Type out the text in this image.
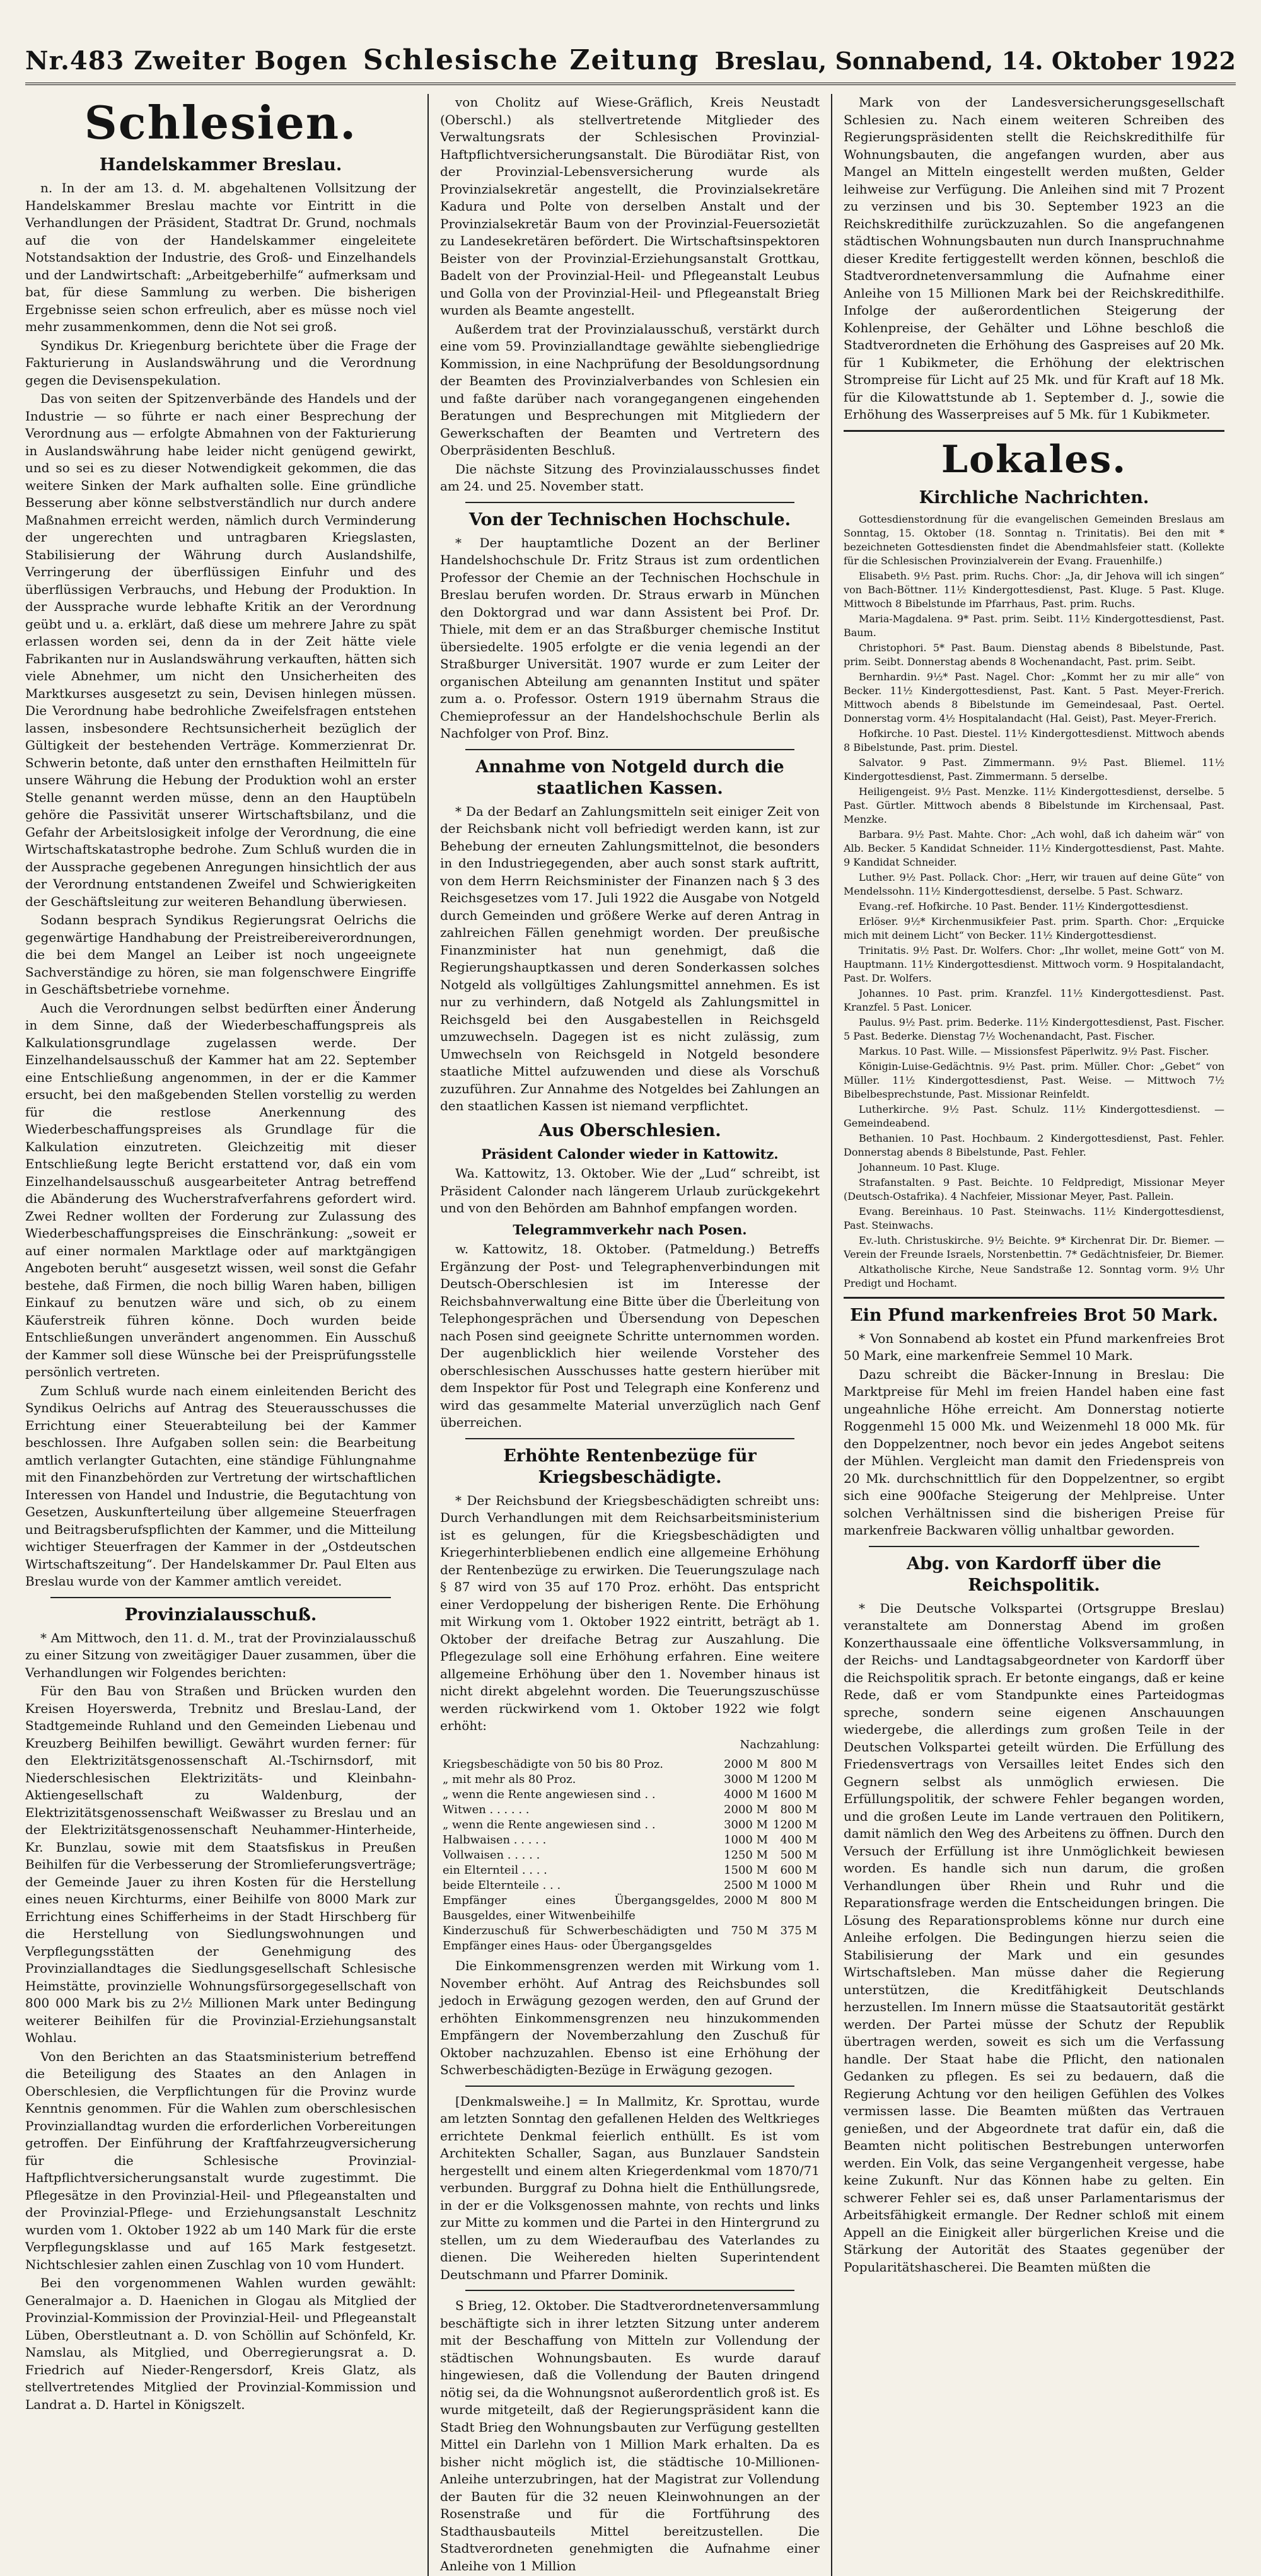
Nr.483 Zweiter Bogen Schlesische Zeitung Breslau, Sonnabend, 14. Oktober 1922
Schlesien.
Handelskammer Breslau.

n. In der am 13. d. M. abgehaltenen Vollsitzung der Handelskammer Breslau machte vor Eintritt in die Verhandlungen der Präsident, Stadtrat Dr. Grund, nochmals auf die von der Handelskammer eingeleitete Notstandsaktion der Industrie, des Groß- und Einzelhandels und der Landwirtschaft: „Arbeitgeberhilfe“ aufmerksam und bat, für diese Sammlung zu werben. Die bisherigen Ergebnisse seien schon erfreulich, aber es müsse noch viel mehr zusammenkommen, denn die Not sei groß.

Syndikus Dr. Kriegenburg berichtete über die Frage der Fakturierung in Auslandswährung und die Verordnung gegen die Devisenspekulation.

Das von seiten der Spitzenverbände des Handels und der Industrie — so führte er nach einer Besprechung der Verordnung aus — erfolgte Abmahnen von der Fakturierung in Auslandswährung habe leider nicht genügend gewirkt, und so sei es zu dieser Notwendigkeit gekommen, die das weitere Sinken der Mark aufhalten solle. Eine gründliche Besserung aber könne selbstverständlich nur durch andere Maßnahmen erreicht werden, nämlich durch Verminderung der ungerechten und untragbaren Kriegslasten, Stabilisierung der Währung durch Auslandshilfe, Verringerung der überflüssigen Einfuhr und des überflüssigen Verbrauchs, und Hebung der Produktion. In der Aussprache wurde lebhafte Kritik an der Verordnung geübt und u. a. erklärt, daß diese um mehrere Jahre zu spät erlassen worden sei, denn da in der Zeit hätte viele Fabrikanten nur in Auslandswährung verkauften, hätten sich viele Abnehmer, um nicht den Unsicherheiten des Marktkurses ausgesetzt zu sein, Devisen hinlegen müssen. Die Verordnung habe bedrohliche Zweifelsfragen entstehen lassen, insbesondere Rechtsunsicherheit bezüglich der Gültigkeit der bestehenden Verträge. Kommerzienrat Dr. Schwerin betonte, daß unter den ernsthaften Heilmitteln für unsere Währung die Hebung der Produktion wohl an erster Stelle genannt werden müsse, denn an den Hauptübeln gehöre die Passivität unserer Wirtschaftsbilanz, und die Gefahr der Arbeitslosigkeit infolge der Verordnung, die eine Wirtschaftskatastrophe bedrohe. Zum Schluß wurden die in der Aussprache gegebenen Anregungen hinsichtlich der aus der Verordnung entstandenen Zweifel und Schwierigkeiten der Geschäftsleitung zur weiteren Behandlung überwiesen.

Sodann besprach Syndikus Regierungsrat Oelrichs die gegenwärtige Handhabung der Preistreibereiverordnungen, die bei dem Mangel an Leiber ist noch ungeeignete Sachverständige zu hören, sie man folgenschwere Eingriffe in Geschäftsbetriebe vornehme.

Auch die Verordnungen selbst bedürften einer Änderung in dem Sinne, daß der Wiederbeschaffungspreis als Kalkulationsgrundlage zugelassen werde. Der Einzelhandelsausschuß der Kammer hat am 22. September eine Entschließung angenommen, in der er die Kammer ersucht, bei den maßgebenden Stellen vorstellig zu werden für die restlose Anerkennung des Wiederbeschaffungspreises als Grundlage für die Kalkulation einzutreten. Gleichzeitig mit dieser Entschließung legte Bericht erstattend vor, daß ein vom Einzelhandelsausschuß ausgearbeiteter Antrag betreffend die Abänderung des Wucherstrafverfahrens gefordert wird. Zwei Redner wollten der Forderung zur Zulassung des Wiederbeschaffungspreises die Einschränkung: „soweit er auf einer normalen Marktlage oder auf marktgängigen Angeboten beruht“ ausgesetzt wissen, weil sonst die Gefahr bestehe, daß Firmen, die noch billig Waren haben, billigen Einkauf zu benutzen wäre und sich, ob zu einem Käuferstreik führen könne. Doch wurden beide Entschließungen unverändert angenommen. Ein Ausschuß der Kammer soll diese Wünsche bei der Preisprüfungsstelle persönlich vertreten.

Zum Schluß wurde nach einem einleitenden Bericht des Syndikus Oelrichs auf Antrag des Steuerausschusses die Errichtung einer Steuerabteilung bei der Kammer beschlossen. Ihre Aufgaben sollen sein: die Bearbeitung amtlich verlangter Gutachten, eine ständige Fühlungnahme mit den Finanzbehörden zur Vertretung der wirtschaftlichen Interessen von Handel und Industrie, die Begutachtung von Gesetzen, Auskunfterteilung über allgemeine Steuerfragen und Beitragsberufspflichten der Kammer, und die Mitteilung wichtiger Steuerfragen der Kammer in der „Ostdeutschen Wirtschaftszeitung“. Der Handelskammer Dr. Paul Elten aus Breslau wurde von der Kammer amtlich vereidet.

Provinzialausschuß.

* Am Mittwoch, den 11. d. M., trat der Provinzialausschuß zu einer Sitzung von zweitägiger Dauer zusammen, über die Verhandlungen wir Folgendes berichten:

Für den Bau von Straßen und Brücken wurden den Kreisen Hoyerswerda, Trebnitz und Breslau-Land, der Stadtgemeinde Ruhland und den Gemeinden Liebenau und Kreuzberg Beihilfen bewilligt. Gewährt wurden ferner: für den Elektrizitätsgenossenschaft Al.-Tschirnsdorf, mit Niederschlesischen Elektrizitäts- und Kleinbahn-Aktiengesellschaft zu Waldenburg, der Elektrizitätsgenossenschaft Weißwasser zu Breslau und an der Elektrizitätsgenossenschaft Neuhammer-Hinterheide, Kr. Bunzlau, sowie mit dem Staatsfiskus in Preußen Beihilfen für die Verbesserung der Stromlieferungsverträge; der Gemeinde Jauer zu ihren Kosten für die Herstellung eines neuen Kirchturms, einer Beihilfe von 8000 Mark zur Errichtung eines Schifferheims in der Stadt Hirschberg für die Herstellung von Siedlungswohnungen und Verpflegungsstätten der Genehmigung des Provinziallandtages die Siedlungsgesellschaft Schlesische Heimstätte, provinzielle Wohnungsfürsorgegesellschaft von 800 000 Mark bis zu 2½ Millionen Mark unter Bedingung weiterer Beihilfen für die Provinzial-Erziehungsanstalt Wohlau.

Von den Berichten an das Staatsministerium betreffend die Beteiligung des Staates an den Anlagen in Oberschlesien, die Verpflichtungen für die Provinz wurde Kenntnis genommen. Für die Wahlen zum oberschlesischen Provinziallandtag wurden die erforderlichen Vorbereitungen getroffen. Der Einführung der Kraftfahrzeugversicherung für die Schlesische Provinzial-Haftpflichtversicherungsanstalt wurde zugestimmt. Die Pflegesätze in den Provinzial-Heil- und Pflegeanstalten und der Provinzial-Pflege- und Erziehungsanstalt Leschnitz wurden vom 1. Oktober 1922 ab um 140 Mark für die erste Verpflegungsklasse und auf 165 Mark festgesetzt. Nichtschlesier zahlen einen Zuschlag von 10 vom Hundert.

Bei den vorgenommenen Wahlen wurden gewählt: Generalmajor a. D. Haenichen in Glogau als Mitglied der Provinzial-Kommission der Provinzial-Heil- und Pflegeanstalt Lüben, Oberstleutnant a. D. von Schöllin auf Schönfeld, Kr. Namslau, als Mitglied, und Oberregierungsrat a. D. Friedrich auf Nieder-Rengersdorf, Kreis Glatz, als stellvertretendes Mitglied der Provinzial-Kommission und Landrat a. D. Hartel in Königszelt.

von Cholitz auf Wiese-Gräflich, Kreis Neustadt (Oberschl.) als stellvertretende Mitglieder des Verwaltungsrats der Schlesischen Provinzial-Haftpflichtversicherungsanstalt. Die Bürodiätar Rist, von der Provinzial-Lebensversicherung wurde als Provinzialsekretär angestellt, die Provinzialsekretäre Kadura und Polte von derselben Anstalt und der Provinzialsekretär Baum von der Provinzial-Feuersozietät zu Landesekretären befördert. Die Wirtschaftsinspektoren Beister von der Provinzial-Erziehungsanstalt Grottkau, Badelt von der Provinzial-Heil- und Pflegeanstalt Leubus und Golla von der Provinzial-Heil- und Pflegeanstalt Brieg wurden als Beamte angestellt.

Außerdem trat der Provinzialausschuß, verstärkt durch eine vom 59. Provinziallandtage gewählte siebengliedrige Kommission, in eine Nachprüfung der Besoldungsordnung der Beamten des Provinzialverbandes von Schlesien ein und faßte darüber nach vorangegangenen eingehenden Beratungen und Besprechungen mit Mitgliedern der Gewerkschaften der Beamten und Vertretern des Oberpräsidenten Beschluß.

Die nächste Sitzung des Provinzialausschusses findet am 24. und 25. November statt.

Von der Technischen Hochschule.

* Der hauptamtliche Dozent an der Berliner Handelshochschule Dr. Fritz Straus ist zum ordentlichen Professor der Chemie an der Technischen Hochschule in Breslau berufen worden. Dr. Straus erwarb in München den Doktorgrad und war dann Assistent bei Prof. Dr. Thiele, mit dem er an das Straßburger chemische Institut übersiedelte. 1905 erfolgte er die venia legendi an der Straßburger Universität. 1907 wurde er zum Leiter der organischen Abteilung am genannten Institut und später zum a. o. Professor. Ostern 1919 übernahm Straus die Chemieprofessur an der Handelshochschule Berlin als Nachfolger von Prof. Binz.

Annahme von Notgeld durch die staatlichen Kassen.

* Da der Bedarf an Zahlungsmitteln seit einiger Zeit von der Reichsbank nicht voll befriedigt werden kann, ist zur Behebung der erneuten Zahlungsmittelnot, die besonders in den Industriegegenden, aber auch sonst stark auftritt, von dem Herrn Reichsminister der Finanzen nach § 3 des Reichsgesetzes vom 17. Juli 1922 die Ausgabe von Notgeld durch Gemeinden und größere Werke auf deren Antrag in zahlreichen Fällen genehmigt worden. Der preußische Finanzminister hat nun genehmigt, daß die Regierungshauptkassen und deren Sonderkassen solches Notgeld als vollgültiges Zahlungsmittel annehmen. Es ist nur zu verhindern, daß Notgeld als Zahlungsmittel in Reichsgeld bei den Ausgabestellen in Reichsgeld umzuwechseln. Dagegen ist es nicht zulässig, zum Umwechseln von Reichsgeld in Notgeld besondere staatliche Mittel aufzuwenden und diese als Vorschuß zuzuführen. Zur Annahme des Notgeldes bei Zahlungen an den staatlichen Kassen ist niemand verpflichtet.

Aus Oberschlesien.
Präsident Calonder wieder in Kattowitz.

Wa. Kattowitz, 13. Oktober. Wie der „Lud“ schreibt, ist Präsident Calonder nach längerem Urlaub zurückgekehrt und von den Behörden am Bahnhof empfangen worden.

Telegrammverkehr nach Posen.

w. Kattowitz, 18. Oktober. (Patmeldung.) Betreffs Ergänzung der Post- und Telegraphenverbindungen mit Deutsch-Oberschlesien ist im Interesse der Reichsbahnverwaltung eine Bitte über die Überleitung von Telephongesprächen und Übersendung von Depeschen nach Posen sind geeignete Schritte unternommen worden. Der augenblicklich hier weilende Vorsteher des oberschlesischen Ausschusses hatte gestern hierüber mit dem Inspektor für Post und Telegraph eine Konferenz und wird das gesammelte Material unverzüglich nach Genf überreichen.

Erhöhte Rentenbezüge für Kriegsbeschädigte.

* Der Reichsbund der Kriegsbeschädigten schreibt uns: Durch Verhandlungen mit dem Reichsarbeitsministerium ist es gelungen, für die Kriegsbeschädigten und Kriegerhinterbliebenen endlich eine allgemeine Erhöhung der Rentenbezüge zu erwirken. Die Teuerungszulage nach § 87 wird von 35 auf 170 Proz. erhöht. Das entspricht einer Verdoppelung der bisherigen Rente. Die Erhöhung mit Wirkung vom 1. Oktober 1922 eintritt, beträgt ab 1. Oktober der dreifache Betrag zur Auszahlung. Die Pflegezulage soll eine Erhöhung erfahren. Eine weitere allgemeine Erhöhung über den 1. November hinaus ist nicht direkt abgelehnt worden. Die Teuerungszuschüsse werden rückwirkend vom 1. Oktober 1922 wie folgt erhöht:

Nachzahlung:
Kriegsbeschädigte von 50 bis 80 Proz.	2000 M	800 M
„ mit mehr als 80 Proz.	3000 M	1200 M
„ wenn die Rente angewiesen sind . .	4000 M	1600 M
Witwen . . . . . .	2000 M	800 M
„ wenn die Rente angewiesen sind . .	3000 M	1200 M
Halbwaisen . . . . .	1000 M	400 M
Vollwaisen . . . . .	1250 M	500 M
ein Elternteil . . . .	1500 M	600 M
beide Elternteile . . .	2500 M	1000 M
Empfänger eines Übergangsgeldes, Bausgeldes, einer Witwenbeihilfe	2000 M	800 M
Kinderzuschuß für Schwerbeschädigten und Empfänger eines Haus- oder Übergangsgeldes	750 M	375 M

Die Einkommensgrenzen werden mit Wirkung vom 1. November erhöht. Auf Antrag des Reichsbundes soll jedoch in Erwägung gezogen werden, den auf Grund der erhöhten Einkommensgrenzen neu hinzukommenden Empfängern der Novemberzahlung den Zuschuß für Oktober nachzuzahlen. Ebenso ist eine Erhöhung der Schwerbeschädigten-Bezüge in Erwägung gezogen.

[Denkmalsweihe.] = In Mallmitz, Kr. Sprottau, wurde am letzten Sonntag den gefallenen Helden des Weltkrieges errichtete Denkmal feierlich enthüllt. Es ist vom Architekten Schaller, Sagan, aus Bunzlauer Sandstein hergestellt und einem alten Kriegerdenkmal vom 1870/71 verbunden. Burggraf zu Dohna hielt die Enthüllungsrede, in der er die Volksgenossen mahnte, von rechts und links zur Mitte zu kommen und die Partei in den Hintergrund zu stellen, um zu dem Wiederaufbau des Vaterlandes zu dienen. Die Weihereden hielten Superintendent Deutschmann und Pfarrer Dominik.

S Brieg, 12. Oktober. Die Stadtverordnetenversammlung beschäftigte sich in ihrer letzten Sitzung unter anderem mit der Beschaffung von Mitteln zur Vollendung der städtischen Wohnungsbauten. Es wurde darauf hingewiesen, daß die Vollendung der Bauten dringend nötig sei, da die Wohnungsnot außerordentlich groß ist. Es wurde mitgeteilt, daß der Regierungspräsident kann die Stadt Brieg den Wohnungsbauten zur Verfügung gestellten Mittel ein Darlehn von 1 Million Mark erhalten. Da es bisher nicht möglich ist, die städtische 10-Millionen-Anleihe unterzubringen, hat der Magistrat zur Vollendung der Bauten für die 32 neuen Kleinwohnungen an der Rosenstraße und für die Fortführung des Stadthausbauteils Mittel bereitzustellen. Die Stadtverordneten genehmigten die Aufnahme einer Anleihe von 1 Million

Mark von der Landesversicherungsgesellschaft Schlesien zu. Nach einem weiteren Schreiben des Regierungspräsidenten stellt die Reichskredithilfe für Wohnungsbauten, die angefangen wurden, aber aus Mangel an Mitteln eingestellt werden mußten, Gelder leihweise zur Verfügung. Die Anleihen sind mit 7 Prozent zu verzinsen und bis 30. September 1923 an die Reichskredithilfe zurückzuzahlen. So die angefangenen städtischen Wohnungsbauten nun durch Inanspruchnahme dieser Kredite fertiggestellt werden können, beschloß die Stadtverordnetenversammlung die Aufnahme einer Anleihe von 15 Millionen Mark bei der Reichskredithilfe. Infolge der außerordentlichen Steigerung der Kohlenpreise, der Gehälter und Löhne beschloß die Stadtverordneten die Erhöhung des Gaspreises auf 20 Mk. für 1 Kubikmeter, die Erhöhung der elektrischen Strompreise für Licht auf 25 Mk. und für Kraft auf 18 Mk. für die Kilowattstunde ab 1. September d. J., sowie die Erhöhung des Wasserpreises auf 5 Mk. für 1 Kubikmeter.

Lokales.
Kirchliche Nachrichten.

Gottesdienstordnung für die evangelischen Gemeinden Breslaus am Sonntag, 15. Oktober (18. Sonntag n. Trinitatis). Bei den mit * bezeichneten Gottesdiensten findet die Abendmahlsfeier statt. (Kollekte für die Schlesischen Provinzialverein der Evang. Frauenhilfe.)

Elisabeth. 9½ Past. prim. Ruchs. Chor: „Ja, dir Jehova will ich singen“ von Bach-Böttner. 11½ Kindergottesdienst, Past. Kluge. 5 Past. Kluge. Mittwoch 8 Bibelstunde im Pfarrhaus, Past. prim. Ruchs.

Maria-Magdalena. 9* Past. prim. Seibt. 11½ Kindergottesdienst, Past. Baum.

Christophori. 5* Past. Baum. Dienstag abends 8 Bibelstunde, Past. prim. Seibt. Donnerstag abends 8 Wochenandacht, Past. prim. Seibt.

Bernhardin. 9½* Past. Nagel. Chor: „Kommt her zu mir alle“ von Becker. 11½ Kindergottesdienst, Past. Kant. 5 Past. Meyer-Frerich. Mittwoch abends 8 Bibelstunde im Gemeindesaal, Past. Oertel. Donnerstag vorm. 4½ Hospitalandacht (Hal. Geist), Past. Meyer-Frerich.

Hofkirche. 10 Past. Diestel. 11½ Kindergottesdienst. Mittwoch abends 8 Bibelstunde, Past. prim. Diestel.

Salvator. 9 Past. Zimmermann. 9½ Past. Bliemel. 11½ Kindergottesdienst, Past. Zimmermann. 5 derselbe.

Heiligengeist. 9½ Past. Menzke. 11½ Kindergottesdienst, derselbe. 5 Past. Gürtler. Mittwoch abends 8 Bibelstunde im Kirchensaal, Past. Menzke.

Barbara. 9½ Past. Mahte. Chor: „Ach wohl, daß ich daheim wär“ von Alb. Becker. 5 Kandidat Schneider. 11½ Kindergottesdienst, Past. Mahte. 9 Kandidat Schneider.

Luther. 9½ Past. Pollack. Chor: „Herr, wir trauen auf deine Güte“ von Mendelssohn. 11½ Kindergottesdienst, derselbe. 5 Past. Schwarz.

Evang.-ref. Hofkirche. 10 Past. Bender. 11½ Kindergottesdienst.

Erlöser. 9½* Kirchenmusikfeier Past. prim. Sparth. Chor: „Erquicke mich mit deinem Licht“ von Becker. 11½ Kindergottesdienst.

Trinitatis. 9½ Past. Dr. Wolfers. Chor: „Ihr wollet, meine Gott“ von M. Hauptmann. 11½ Kindergottesdienst. Mittwoch vorm. 9 Hospitalandacht, Past. Dr. Wolfers.

Johannes. 10 Past. prim. Kranzfel. 11½ Kindergottesdienst. Past. Kranzfel. 5 Past. Lonicer.

Paulus. 9½ Past. prim. Bederke. 11½ Kindergottesdienst, Past. Fischer. 5 Past. Bederke. Dienstag 7½ Wochenandacht, Past. Fischer.

Markus. 10 Past. Wille. — Missionsfest Päperlwitz. 9½ Past. Fischer.

Königin-Luise-Gedächtnis. 9½ Past. prim. Müller. Chor: „Gebet“ von Müller. 11½ Kindergottesdienst, Past. Weise. — Mittwoch 7½ Bibelbesprechstunde, Past. Missionar Reinfeldt.

Lutherkirche. 9½ Past. Schulz. 11½ Kindergottesdienst. — Gemeindeabend.

Bethanien. 10 Past. Hochbaum. 2 Kindergottesdienst, Past. Fehler. Donnerstag abends 8 Bibelstunde, Past. Fehler.

Johanneum. 10 Past. Kluge.

Strafanstalten. 9 Past. Beichte. 10 Feldpredigt, Missionar Meyer (Deutsch-Ostafrika). 4 Nachfeier, Missionar Meyer, Past. Pallein.

Evang. Bereinhaus. 10 Past. Steinwachs. 11½ Kindergottesdienst, Past. Steinwachs.

Ev.-luth. Christuskirche. 9½ Beichte. 9* Kirchenrat Dir. Dr. Biemer. — Verein der Freunde Israels, Norstenbettin. 7* Gedächtnisfeier, Dr. Biemer.

Altkatholische Kirche, Neue Sandstraße 12. Sonntag vorm. 9½ Uhr Predigt und Hochamt.

Ein Pfund markenfreies Brot 50 Mark.

* Von Sonnabend ab kostet ein Pfund markenfreies Brot 50 Mark, eine markenfreie Semmel 10 Mark.

Dazu schreibt die Bäcker-Innung in Breslau: Die Marktpreise für Mehl im freien Handel haben eine fast ungeahnliche Höhe erreicht. Am Donnerstag notierte Roggenmehl 15 000 Mk. und Weizenmehl 18 000 Mk. für den Doppelzentner, noch bevor ein jedes Angebot seitens der Mühlen. Vergleicht man damit den Friedenspreis von 20 Mk. durchschnittlich für den Doppelzentner, so ergibt sich eine 900fache Steigerung der Mehlpreise. Unter solchen Verhältnissen sind die bisherigen Preise für markenfreie Backwaren völlig unhaltbar geworden.

Abg. von Kardorff über die Reichspolitik.

* Die Deutsche Volkspartei (Ortsgruppe Breslau) veranstaltete am Donnerstag Abend im großen Konzerthaussaale eine öffentliche Volksversammlung, in der Reichs- und Landtagsabgeordneter von Kardorff über die Reichspolitik sprach. Er betonte eingangs, daß er keine Rede, daß er vom Standpunkte eines Parteidogmas spreche, sondern seine eigenen Anschauungen wiedergebe, die allerdings zum großen Teile in der Deutschen Volkspartei geteilt würden. Die Erfüllung des Friedensvertrags von Versailles leitet Endes sich den Gegnern selbst als unmöglich erwiesen. Die Erfüllungspolitik, der schwere Fehler begangen worden, und die großen Leute im Lande vertrauen den Politikern, damit nämlich den Weg des Arbeitens zu öffnen. Durch den Versuch der Erfüllung ist ihre Unmöglichkeit bewiesen worden. Es handle sich nun darum, die großen Verhandlungen über Rhein und Ruhr und die Reparationsfrage werden die Entscheidungen bringen. Die Lösung des Reparationsproblems könne nur durch eine Anleihe erfolgen. Die Bedingungen hierzu seien die Stabilisierung der Mark und ein gesundes Wirtschaftsleben. Man müsse daher die Regierung unterstützen, die Kreditfähigkeit Deutschlands herzustellen. Im Innern müsse die Staatsautorität gestärkt werden. Der Partei müsse der Schutz der Republik übertragen werden, soweit es sich um die Verfassung handle. Der Staat habe die Pflicht, den nationalen Gedanken zu pflegen. Es sei zu bedauern, daß die Regierung Achtung vor den heiligen Gefühlen des Volkes vermissen lasse. Die Beamten müßten das Vertrauen genießen, und der Abgeordnete trat dafür ein, daß die Beamten nicht politischen Bestrebungen unterworfen werden. Ein Volk, das seine Vergangenheit vergesse, habe keine Zukunft. Nur das Können habe zu gelten. Ein schwerer Fehler sei es, daß unser Parlamentarismus der Arbeitsfähigkeit ermangle. Der Redner schloß mit einem Appell an die Einigkeit aller bürgerlichen Kreise und die Stärkung der Autorität des Staates gegenüber der Popularitätshascherei. Die Beamten müßten die
